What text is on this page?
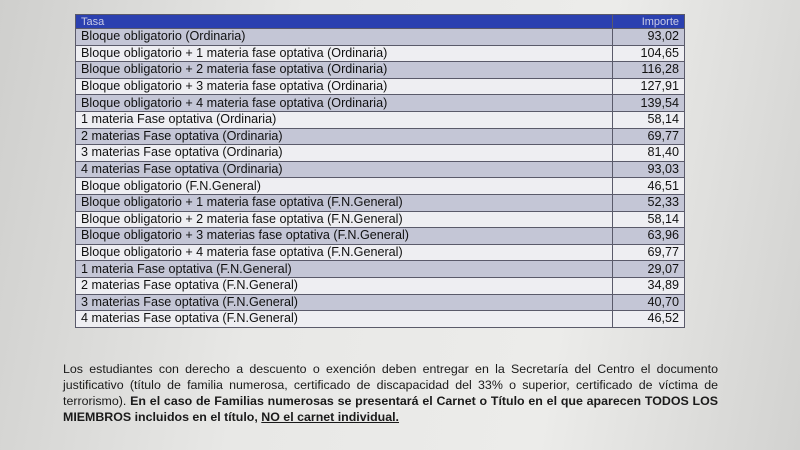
Tasa	Importe
Bloque obligatorio (Ordinaria)	93,02
Bloque obligatorio + 1 materia fase optativa (Ordinaria)	104,65
Bloque obligatorio + 2 materia fase optativa (Ordinaria)	116,28
Bloque obligatorio + 3 materia fase optativa (Ordinaria)	127,91
Bloque obligatorio + 4 materia fase optativa (Ordinaria)	139,54
1 materia Fase optativa (Ordinaria)	58,14
2 materias Fase optativa (Ordinaria)	69,77
3 materias Fase optativa (Ordinaria)	81,40
4 materias Fase optativa (Ordinaria)	93,03
Bloque obligatorio (F.N.General)	46,51
Bloque obligatorio + 1 materia fase optativa (F.N.General)	52,33
Bloque obligatorio + 2 materia fase optativa (F.N.General)	58,14
Bloque obligatorio + 3 materias fase optativa (F.N.General)	63,96
Bloque obligatorio + 4 materia fase optativa (F.N.General)	69,77
1 materia Fase optativa (F.N.General)	29,07
2 materias Fase optativa (F.N.General)	34,89
3 materias Fase optativa (F.N.General)	40,70
4 materias Fase optativa (F.N.General)	46,52

Los estudiantes con derecho a descuento o exención deben entregar en la Secretaría del Centro el documento justificativo (título de familia numerosa, certificado de discapacidad del 33% o superior, certificado de víctima de terrorismo). En el caso de Familias numerosas se presentará el Carnet o Título en el que aparecen TODOS LOS MIEMBROS incluidos en el título, NO el carnet individual.
